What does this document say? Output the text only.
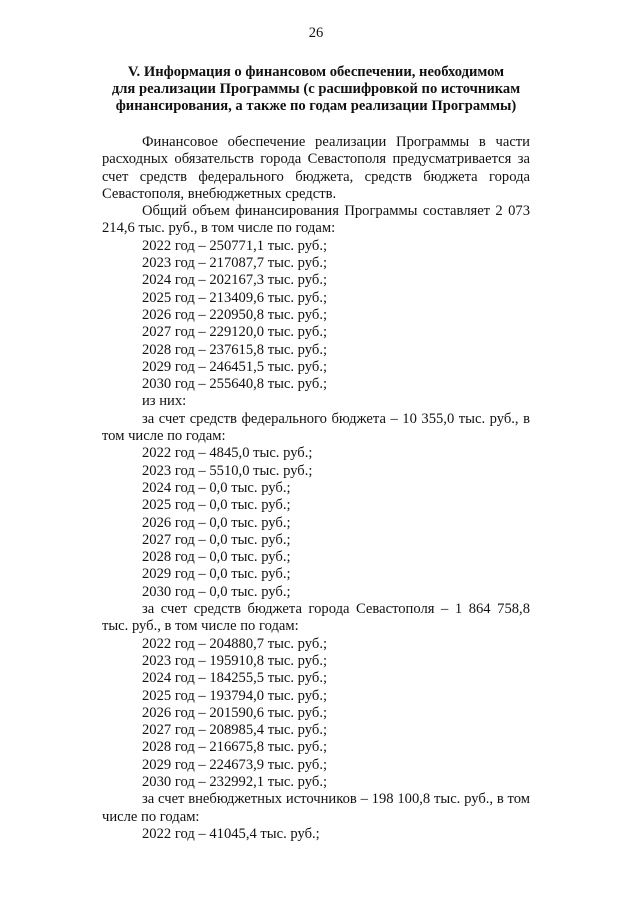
26
V. Информация о финансовом обеспечении, необходимом
для реализации Программы (с расшифровкой по источникам
финансирования, а также по годам реализации Программы)

Финансовое обеспечение реализации Программы в части расходных обязательств города Севастополя предусматривается за счет средств федерального бюджета, средств бюджета города Севастополя, внебюджетных средств.

Общий объем финансирования Программы составляет 2 073 214,6 тыс. руб., в том числе по годам:

2022 год – 250771,1 тыс. руб.;

2023 год – 217087,7 тыс. руб.;

2024 год – 202167,3 тыс. руб.;

2025 год – 213409,6 тыс. руб.;

2026 год – 220950,8 тыс. руб.;

2027 год – 229120,0 тыс. руб.;

2028 год – 237615,8 тыс. руб.;

2029 год – 246451,5 тыс. руб.;

2030 год – 255640,8 тыс. руб.;

из них:

за счет средств федерального бюджета – 10 355,0 тыс. руб., в том числе по годам:

2022 год – 4845,0 тыс. руб.;

2023 год – 5510,0 тыс. руб.;

2024 год – 0,0 тыс. руб.;

2025 год – 0,0 тыс. руб.;

2026 год – 0,0 тыс. руб.;

2027 год – 0,0 тыс. руб.;

2028 год – 0,0 тыс. руб.;

2029 год – 0,0 тыс. руб.;

2030 год – 0,0 тыс. руб.;

за счет средств бюджета города Севастополя – 1 864 758,8 тыс. руб., в том числе по годам:

2022 год – 204880,7 тыс. руб.;

2023 год – 195910,8 тыс. руб.;

2024 год – 184255,5 тыс. руб.;

2025 год – 193794,0 тыс. руб.;

2026 год – 201590,6 тыс. руб.;

2027 год – 208985,4 тыс. руб.;

2028 год – 216675,8 тыс. руб.;

2029 год – 224673,9 тыс. руб.;

2030 год – 232992,1 тыс. руб.;

за счет внебюджетных источников – 198 100,8 тыс. руб., в том числе по годам:

2022 год – 41045,4 тыс. руб.;
